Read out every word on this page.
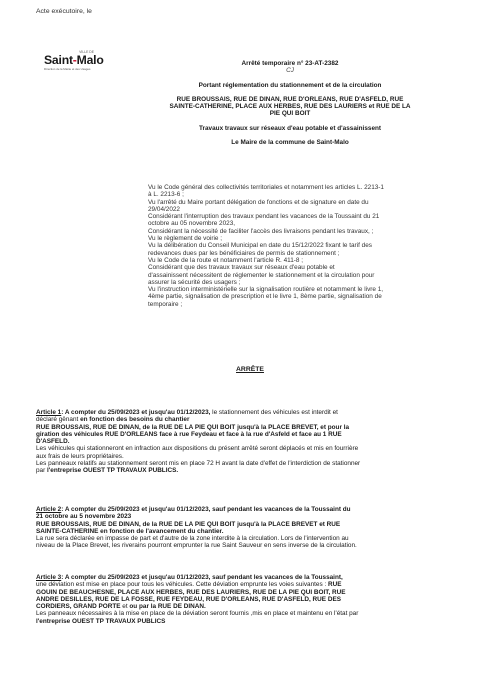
Acte exécutoire, le
VILLE DE
Saint-Malo
Direction de la Mairie et des Usages
Arrêté temporaire n° 23-AT-2382
CJ
Portant réglementation du stationnement et de la circulation
RUE BROUSSAIS, RUE DE DINAN, RUE D'ORLEANS, RUE D'ASFELD, RUE
SAINTE-CATHERINE, PLACE AUX HERBES, RUE DES LAURIERS et RUE DE LA
PIE QUI BOIT
Travaux travaux sur réseaux d'eau potable et d'assainissent
Le Maire de la commune de Saint-Malo
Vu le Code général des collectivités territoriales et notamment les articles L. 2213-1
à L. 2213-6 ;
Vu l'arrêté du Maire portant délégation de fonctions et de signature en date du
29/04/2022
Considérant l'interruption des travaux pendant les vacances de la Toussaint du 21
octobre au 05 novembre 2023,
Considérant la nécessité de faciliter l'accès des livraisons pendant les travaux, ;
Vu le règlement de voirie ;
Vu la délibération du Conseil Municipal en date du 15/12/2022 fixant le tarif des
redevances dues par les bénéficiaires de permis de stationnement ;
Vu le Code de la route et notamment l'article R. 411-8 ;
Considérant que des travaux travaux sur réseaux d'eau potable et
d'assainissent nécessitent de réglementer le stationnement et la circulation pour
assurer la sécurité des usagers ;
Vu l'instruction interministérielle sur la signalisation routière et notamment le livre 1,
4ème partie, signalisation de prescription et le livre 1, 8ème partie, signalisation de
temporaire ;
ARRÊTE
Article 1: A compter du 25/09/2023 et jusqu'au 01/12/2023, le stationnement des véhicules est interdit et
déclaré gênant en fonction des besoins du chantier
RUE BROUSSAIS, RUE DE DINAN, de la RUE DE LA PIE QUI BOIT jusqu'à la PLACE BREVET, et pour la
giration des véhicules RUE D'ORLEANS face à rue Feydeau et face à la rue d'Asfeld et face au 1 RUE
D'ASFELD.
Les véhicules qui stationneront en infraction aux dispositions du présent arrêté seront déplacés et mis en fourrière
aux frais de leurs propriétaires.
Les panneaux relatifs au stationnement seront mis en place 72 H avant la date d'effet de l'interdiction de stationner
par l'entreprise OUEST TP TRAVAUX PUBLICS.
Article 2: A compter du 25/09/2023 et jusqu'au 01/12/2023, sauf pendant les vacances de la Toussaint du
21 octobre au 5 novembre 2023
RUE BROUSSAIS, RUE DE DINAN, de la RUE DE LA PIE QUI BOIT jusqu'à la PLACE BREVET et RUE
SAINTE-CATHERINE en fonction de l'avancement du chantier.
La rue sera déclarée en impasse de part et d'autre de la zone interdite à la circulation. Lors de l'intervention au
niveau de la Place Brevet, les riverains pourront emprunter la rue Saint Sauveur en sens inverse de la circulation.
Article 3: A compter du 25/09/2023 et jusqu'au 01/12/2023, sauf pendant les vacances de la Toussaint,
une déviation est mise en place pour tous les véhicules. Cette déviation emprunte les voies suivantes : RUE
GOUIN DE BEAUCHESNE, PLACE AUX HERBES, RUE DES LAURIERS, RUE DE LA PIE QUI BOIT, RUE
ANDRE DESILLES, RUE DE LA FOSSE, RUE FEYDEAU, RUE D'ORLEANS, RUE D'ASFELD, RUE DES
CORDIERS, GRAND PORTE et ou par la RUE DE DINAN.
Les panneaux nécessaires à la mise en place de la déviation seront fournis ,mis en place et maintenu en l'état par
l'entreprise OUEST TP TRAVAUX PUBLICS
